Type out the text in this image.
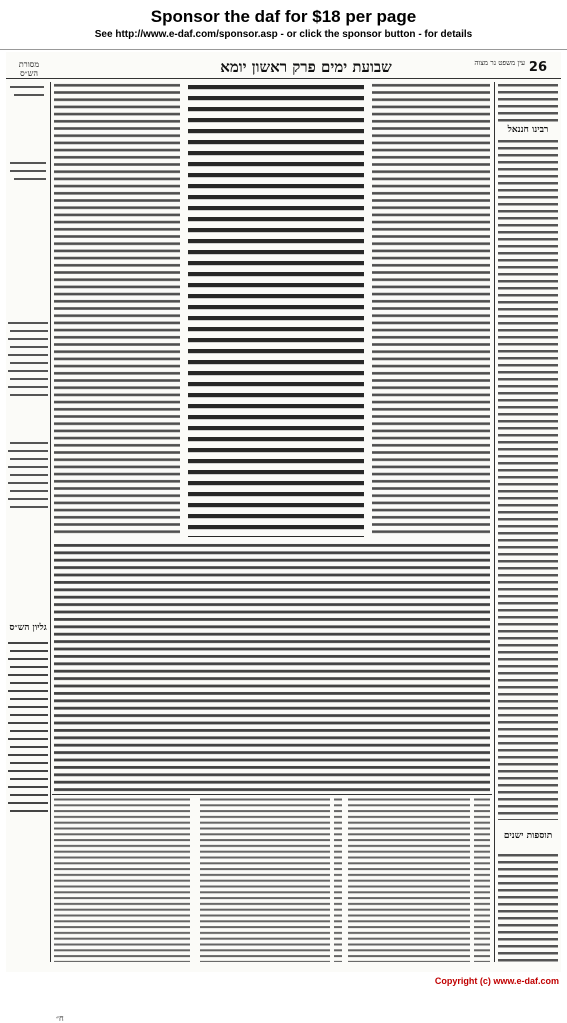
Sponsor the daf for $18 per page
See http://www.e-daf.com/sponsor.asp - or click the sponsor button - for details
מסורת הש״ס	שבועת ימים פרק ראשון יומא	עין משפט נר מצוה 26
גליון הש״ס
רבינו חננאל
תוספות ישנים
ח״
Copyright (c) www.e-daf.com
